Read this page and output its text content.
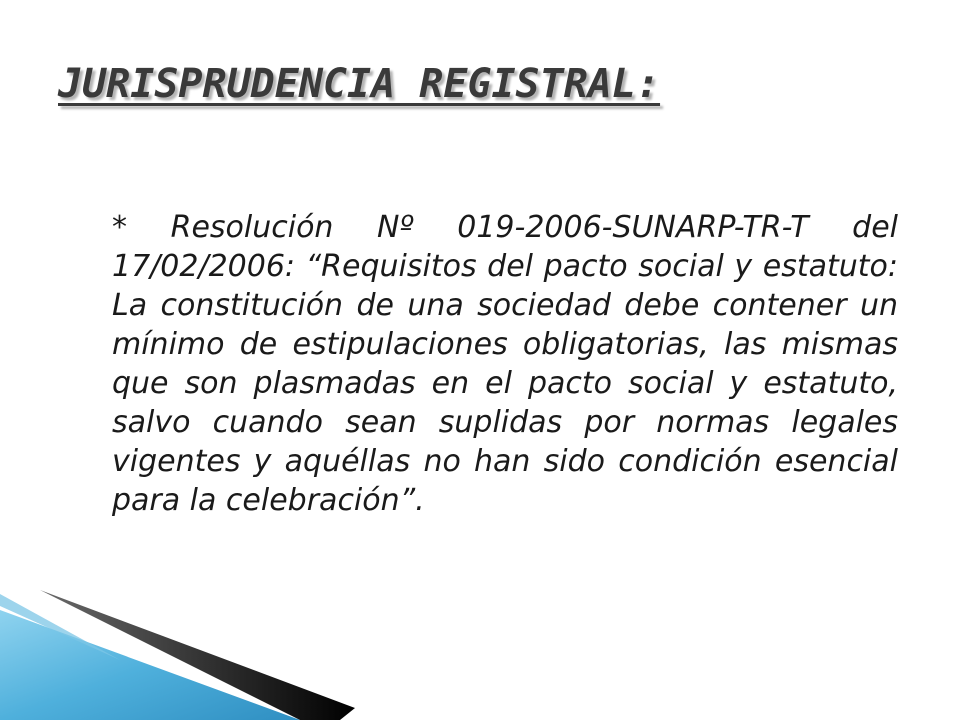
JURISPRUDENCIA REGISTRAL:

* Resolución Nº 019-2006-SUNARP-TR-T del 17/02/2006: “Requisitos del pacto social y estatuto: La constitución de una sociedad debe contener un mínimo de estipulaciones obligatorias, las mismas que son plasmadas en el pacto social y estatuto, salvo cuando sean suplidas por normas legales vigentes y aquéllas no han sido condición esencial para la celebración”.
